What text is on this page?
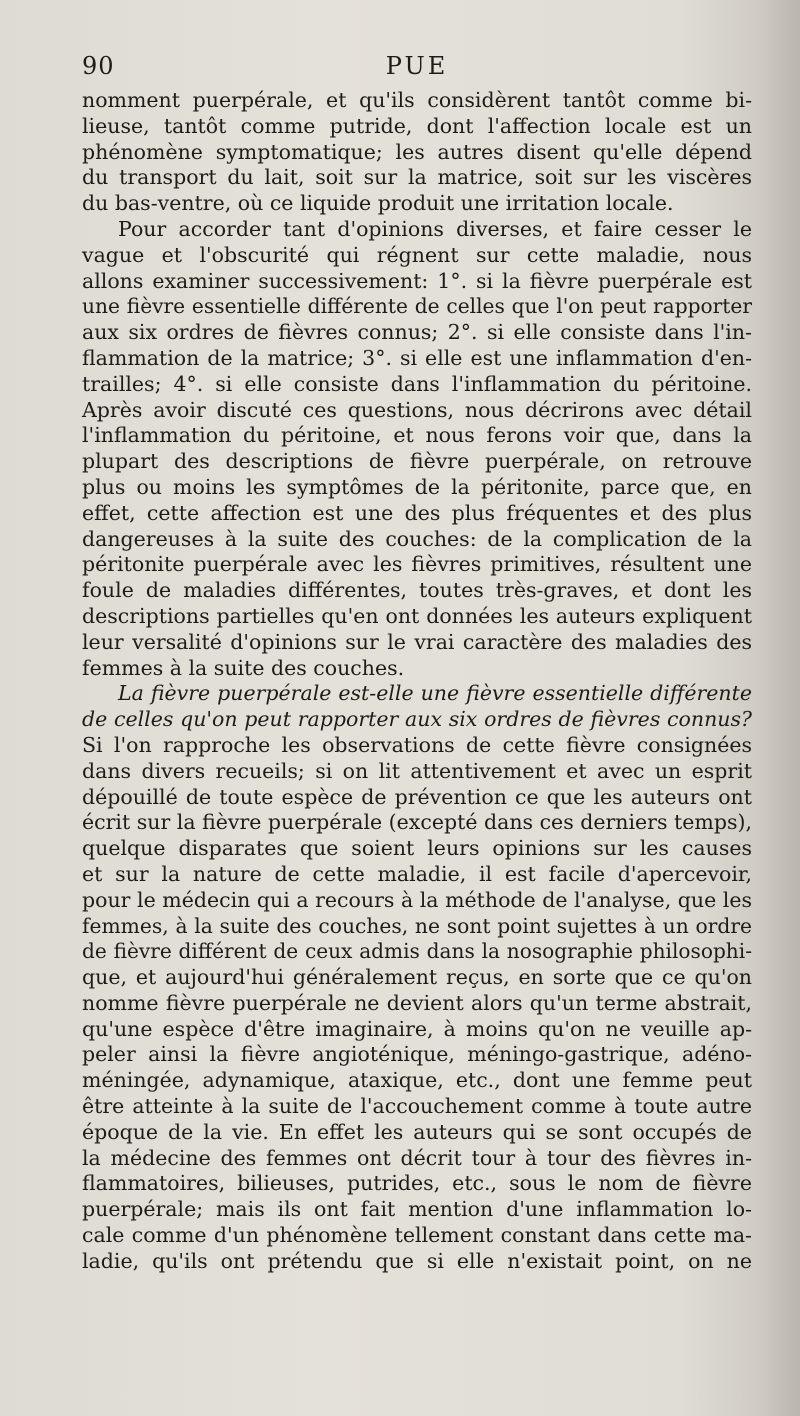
90	PUE
nomment puerpérale, et qu'ils considèrent tantôt comme bi-
lieuse, tantôt comme putride, dont l'affection locale est un
phénomène symptomatique; les autres disent qu'elle dépend
du transport du lait, soit sur la matrice, soit sur les viscères
du bas-ventre, où ce liquide produit une irritation locale.
Pour accorder tant d'opinions diverses, et faire cesser le
vague et l'obscurité qui régnent sur cette maladie, nous
allons examiner successivement: 1°. si la fièvre puerpérale est
une fièvre essentielle différente de celles que l'on peut rapporter
aux six ordres de fièvres connus; 2°. si elle consiste dans l'in-
flammation de la matrice; 3°. si elle est une inflammation d'en-
trailles; 4°. si elle consiste dans l'inflammation du péritoine.
Après avoir discuté ces questions, nous décrirons avec détail
l'inflammation du péritoine, et nous ferons voir que, dans la
plupart des descriptions de fièvre puerpérale, on retrouve
plus ou moins les symptômes de la péritonite, parce que, en
effet, cette affection est une des plus fréquentes et des plus
dangereuses à la suite des couches: de la complication de la
péritonite puerpérale avec les fièvres primitives, résultent une
foule de maladies différentes, toutes très-graves, et dont les
descriptions partielles qu'en ont données les auteurs expliquent
leur versalité d'opinions sur le vrai caractère des maladies des
femmes à la suite des couches.
La fièvre puerpérale est-elle une fièvre essentielle différente
de celles qu'on peut rapporter aux six ordres de fièvres connus?
Si l'on rapproche les observations de cette fièvre consignées
dans divers recueils; si on lit attentivement et avec un esprit
dépouillé de toute espèce de prévention ce que les auteurs ont
écrit sur la fièvre puerpérale (excepté dans ces derniers temps),
quelque disparates que soient leurs opinions sur les causes
et sur la nature de cette maladie, il est facile d'apercevoir,
pour le médecin qui a recours à la méthode de l'analyse, que les
femmes, à la suite des couches, ne sont point sujettes à un ordre
de fièvre différent de ceux admis dans la nosographie philosophi-
que, et aujourd'hui généralement reçus, en sorte que ce qu'on
nomme fièvre puerpérale ne devient alors qu'un terme abstrait,
qu'une espèce d'être imaginaire, à moins qu'on ne veuille ap-
peler ainsi la fièvre angioténique, méningo-gastrique, adéno-
méningée, adynamique, ataxique, etc., dont une femme peut
être atteinte à la suite de l'accouchement comme à toute autre
époque de la vie. En effet les auteurs qui se sont occupés de
la médecine des femmes ont décrit tour à tour des fièvres in-
flammatoires, bilieuses, putrides, etc., sous le nom de fièvre
puerpérale; mais ils ont fait mention d'une inflammation lo-
cale comme d'un phénomène tellement constant dans cette ma-
ladie, qu'ils ont prétendu que si elle n'existait point, on ne
